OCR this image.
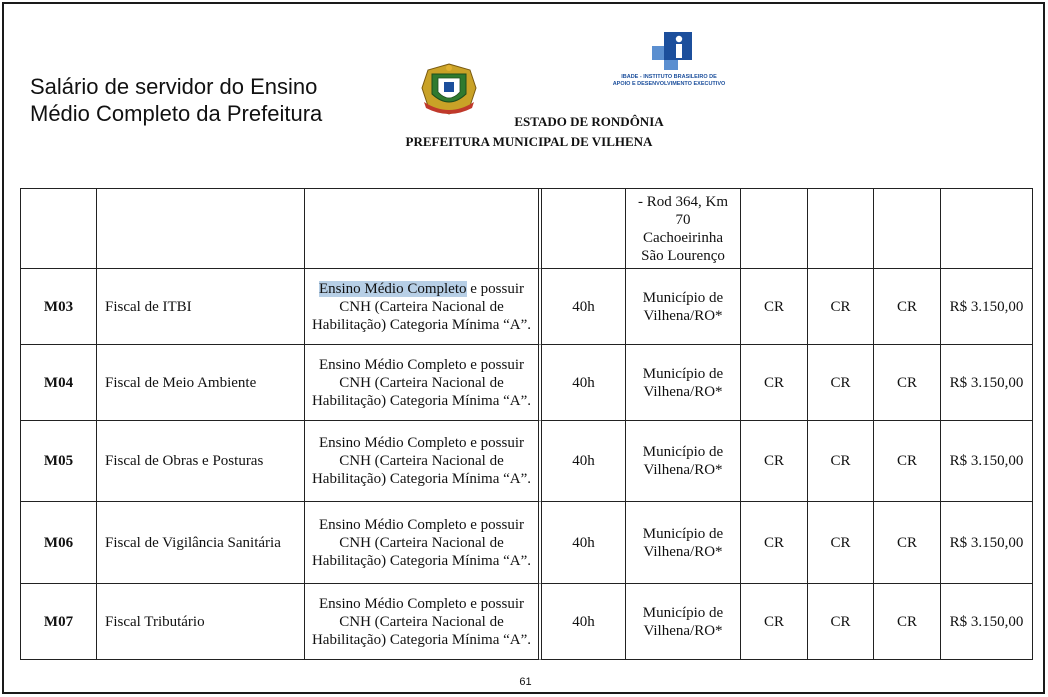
Salário de servidor do Ensino
Médio Completo da Prefeitura
IBADE - INSTITUTO BRASILEIRO DE
APOIO E DESENVOLVIMENTO EXECUTIVO
ESTADO DE RONDÔNIA
PREFEITURA MUNICIPAL DE VILHENA

				- Rod 364, Km
70
Cachoeirinha
São Lourenço				

M03	Fiscal de ITBI	Ensino Médio Completo e possuir CNH (Carteira Nacional de Habilitação) Categoria Mínima “A”.	40h	Município de Vilhena/RO*	CR	CR	CR	R$ 3.150,00
M04	Fiscal de Meio Ambiente	Ensino Médio Completo e possuir CNH (Carteira Nacional de Habilitação) Categoria Mínima “A”.	40h	Município de Vilhena/RO*	CR	CR	CR	R$ 3.150,00
M05	Fiscal de Obras e Posturas	Ensino Médio Completo e possuir CNH (Carteira Nacional de Habilitação) Categoria Mínima “A”.	40h	Município de Vilhena/RO*	CR	CR	CR	R$ 3.150,00
M06	Fiscal de Vigilância Sanitária	Ensino Médio Completo e possuir CNH (Carteira Nacional de Habilitação) Categoria Mínima “A”.	40h	Município de Vilhena/RO*	CR	CR	CR	R$ 3.150,00
M07	Fiscal Tributário	Ensino Médio Completo e possuir CNH (Carteira Nacional de Habilitação) Categoria Mínima “A”.	40h	Município de Vilhena/RO*	CR	CR	CR	R$ 3.150,00
61
